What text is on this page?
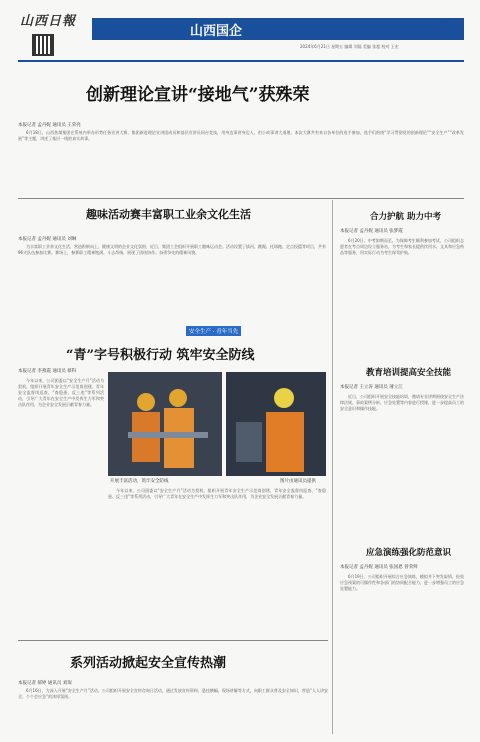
山西日報
山西国企	15
2024年6月21日 星期五 编辑 刘磊 美编 张超 校对 王宏
创新理论宣讲“接地气”获殊荣
本报记者 孟丹妮 通讯员 王荣亮

6月18日，山西焦煤集团在系统内举办形势任务宣讲大赛，集团新进理论宣讲团成员和基层宣讲员同台竞技，用身边事讲身边人，用小故事讲大道理。本次大赛共有来自各单位的选手参加，选手们围绕“学习贯彻党的创新理论”“安全生产”“改革发展”等主题，讲述了基层一线的真实故事。

趣味活动赛丰富职工业余文化生活
本报记者 孟丹妮 通讯员 刘琳

为丰富职工业余文化生活，营造积极向上、健康文明的企业文化氛围，近日，集团工会组织开展职工趣味运动会。活动设置了拔河、跳绳、托球跑、定点投篮等项目，共有96支队伍参加比赛。赛场上，参赛职工精神饱满、斗志昂扬，展现了团结协作、奋勇争先的精神风貌。

合力护航 助力中考
本报记者 孟丹妮 通讯员 张梦霞

6月20日，中考如期而至。为保障考生顺利参加考试，公司组织志愿者在考点周边设立服务站，为考生和家长提供饮用水、文具和应急药品等服务，用实际行动为考生保驾护航。

安全生产 · 青年当先
“青”字号积极行动 筑牢安全防线
本报记者 李燕霞 通讯员 蔡科

今年以来，公司团委以“安全生产月”活动为契机，组织开展青年安全生产示范岗创建、青年安全监督岗巡查、“查隐患、反三违”等系列活动，引导广大青年在安全生产中发挥生力军和突击队作用，为企业安全发展贡献青春力量。

开展丰富活动，筑牢安全防线	图片由通讯员提供

今年以来，公司团委以“安全生产月”活动为契机，组织开展青年安全生产示范岗创建、青年安全监督岗巡查、“查隐患、反三违”等系列活动，引导广大青年在安全生产中发挥生力军和突击队作用，为企业安全发展贡献青春力量。

教育培训提高安全技能
本报记者 王立涛 通讯员 薄立江

近日，公司组织开展安全技能培训，邀请专业讲师围绕安全生产法律法规、事故案例分析、应急处置等内容进行授课，进一步提高员工的安全意识和操作技能。

应急演练强化防范意识
本报记者 孟丹妮 通讯员 张国恩 曾荣鲜

6月19日，公司组织开展综合应急演练，模拟井下突发险情，检验应急预案的可操作性和各部门的协同配合能力，进一步增强员工的应急处置能力。

系列活动掀起安全宣传热潮
本报记者 郝婷 通讯员 刘琛

6月16日，为深入开展“安全生产月”活动，公司组织开展安全宣传咨询日活动，通过发放宣传资料、悬挂横幅、现场讲解等方式，向职工群众普及安全知识，营造“人人讲安全、个个会应急”的浓厚氛围。
